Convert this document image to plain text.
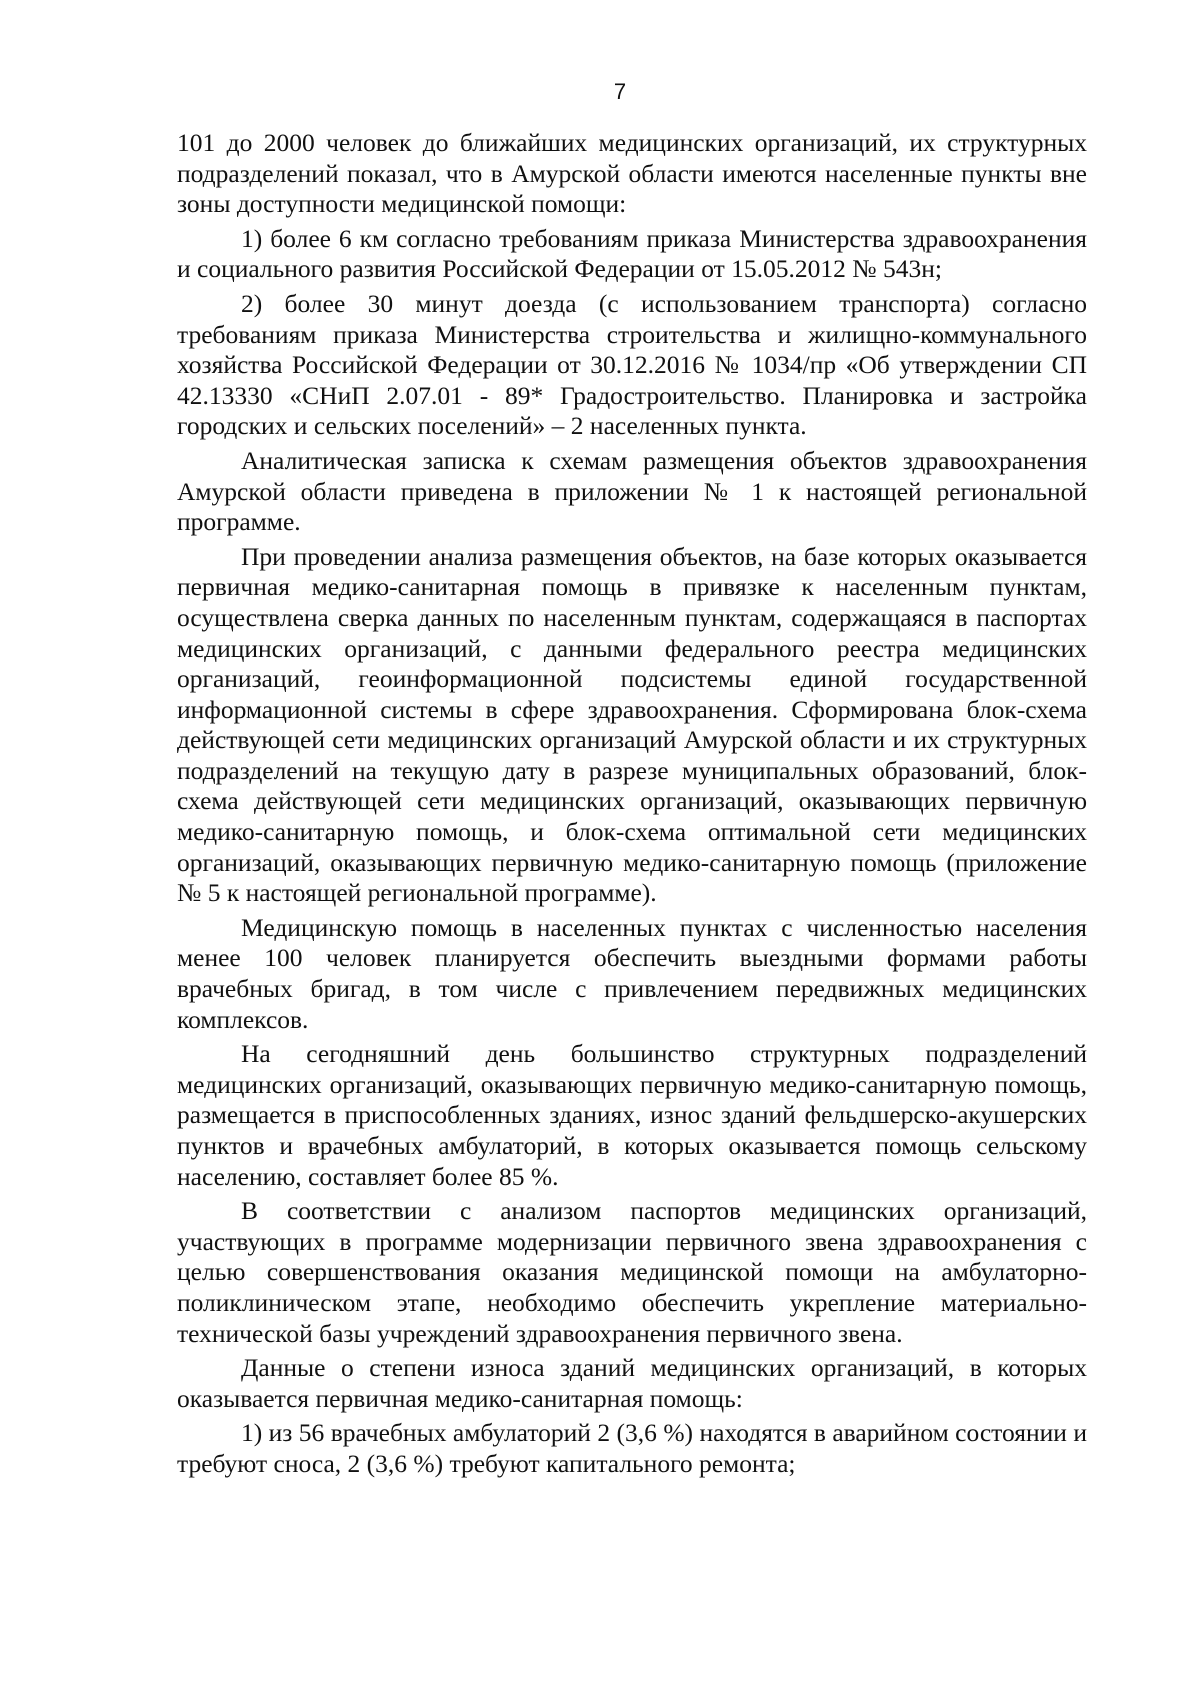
7

101 до 2000 человек до ближайших медицинских организаций, их структурных подразделений показал, что в Амурской области имеются населенные пункты вне зоны доступности медицинской помощи:

1) более 6 км согласно требованиям приказа Министерства здравоохранения и социального развития Российской Федерации от 15.05.2012 № 543н;

2) более 30 минут доезда (с использованием транспорта) согласно требованиям приказа Министерства строительства и жилищно-коммунального хозяйства Российской Федерации от 30.12.2016 № 1034/пр «Об утверждении СП 42.13330 «СНиП 2.07.01 - 89* Градостроительство. Планировка и застройка городских и сельских поселений» – 2 населенных пункта.

Аналитическая записка к схемам размещения объектов здравоохранения Амурской области приведена в приложении № 1 к настоящей региональной программе.

При проведении анализа размещения объектов, на базе которых оказывается первичная медико-санитарная помощь в привязке к населенным пунктам, осуществлена сверка данных по населенным пунктам, содержащаяся в паспортах медицинских организаций, с данными федерального реестра медицинских организаций, геоинформационной подсистемы единой государственной информационной системы в сфере здравоохранения. Сформирована блок-схема действующей сети медицинских организаций Амурской области и их структурных подразделений на текущую дату в разрезе муниципальных образований, блок-схема действующей сети медицинских организаций, оказывающих первичную медико-санитарную помощь, и блок-схема оптимальной сети медицинских организаций, оказывающих первичную медико-санитарную помощь (приложение № 5 к настоящей региональной программе).

Медицинскую помощь в населенных пунктах с численностью населения менее 100 человек планируется обеспечить выездными формами работы врачебных бригад, в том числе с привлечением передвижных медицинских комплексов.

На сегодняшний день большинство структурных подразделений медицинских организаций, оказывающих первичную медико-санитарную помощь, размещается в приспособленных зданиях, износ зданий фельдшерско-акушерских пунктов и врачебных амбулаторий, в которых оказывается помощь сельскому населению, составляет более 85 %.

В соответствии с анализом паспортов медицинских организаций, участвующих в программе модернизации первичного звена здравоохранения с целью совершенствования оказания медицинской помощи на амбулаторно-поликлиническом этапе, необходимо обеспечить укрепление материально-технической базы учреждений здравоохранения первичного звена.

Данные о степени износа зданий медицинских организаций, в которых оказывается первичная медико-санитарная помощь:

1) из 56 врачебных амбулаторий 2 (3,6 %) находятся в аварийном состоянии и требуют сноса, 2 (3,6 %) требуют капитального ремонта;
